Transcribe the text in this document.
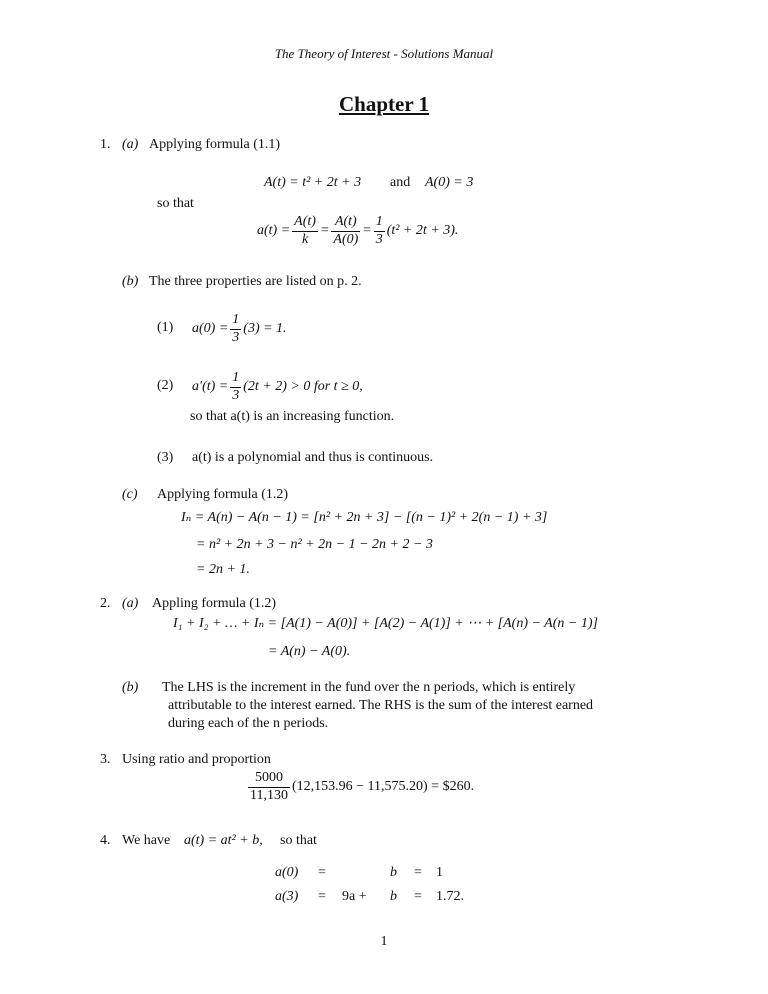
The Theory of Interest - Solutions Manual
Chapter 1
1. (a) Applying formula (1.1)
A(t) = t² + 2t + 3 and A(0) = 3
so that
$a(t) = \frac{A(t)}{k} = \frac{A(t)}{A(0)} = \frac{1}{3} (t^2 + 2t + 3)$.
(b) The three properties are listed on p. 2.
(1) $a(0) = \frac{1}{3} (3) = 1$.
(2) $a'(t) = \frac{1}{3} (2t + 2) > 0$ for t ≥ 0,
so that a(t) is an increasing function.
(3) a(t) is a polynomial and thus is continuous.
(c) Applying formula (1.2)
Iₙ = A(n) − A(n − 1) = [n² + 2n + 3] − [(n − 1)² + 2(n − 1) + 3]
= n² + 2n + 3 − n² + 2n − 1 − 2n + 2 − 3
= 2n + 1.
2. (a) Appling formula (1.2)
I₁ + I₂ + … + Iₙ = [A(1) − A(0)] + [A(2) − A(1)] + ⋯ + [A(n) − A(n − 1)]
= A(n) − A(0).
(b) The LHS is the increment in the fund over the n periods, which is entirely
attributable to the interest earned. The RHS is the sum of the interest earned
during each of the n periods.
3. Using ratio and proportion
$\frac{5000}{11,130} (12,153.96 - 11,575.20)$ = $260.
4. We have a(t) = at² + b, so that
a(0) =	b = 1
a(3) = 9a + b = 1.72.
1
